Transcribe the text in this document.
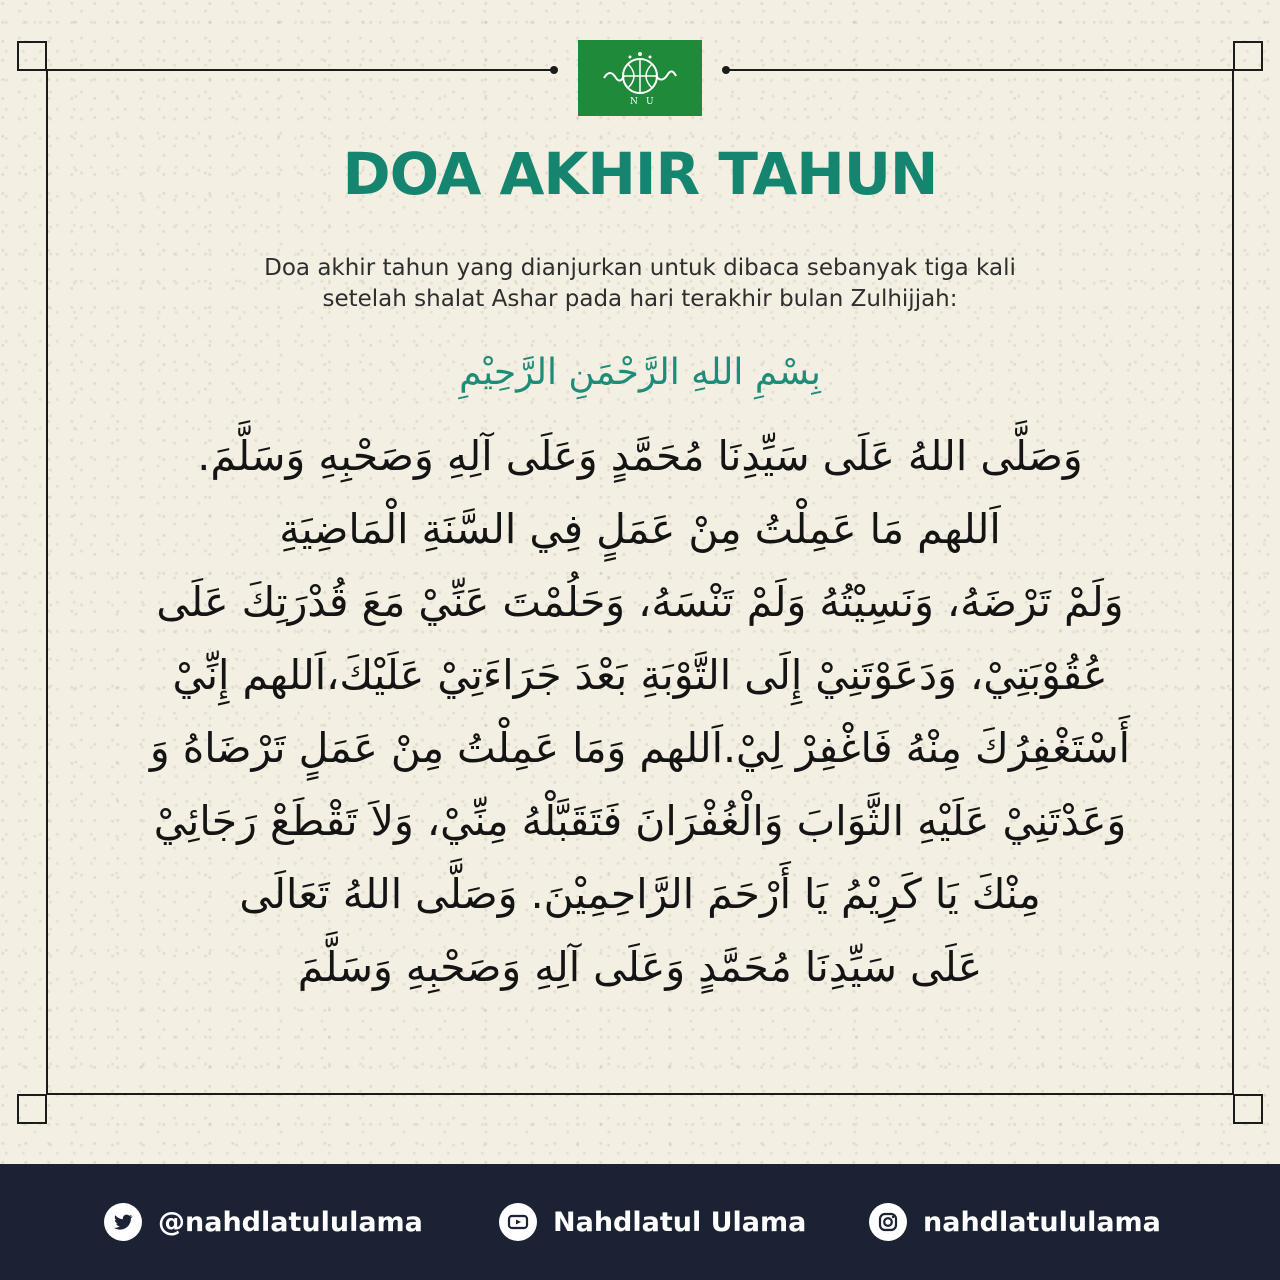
N U
DOA AKHIR TAHUN
Doa akhir tahun yang dianjurkan untuk dibaca sebanyak tiga kali
setelah shalat Ashar pada hari terakhir bulan Zulhijjah:
بِسْمِ اللهِ الرَّحْمَنِ الرَّحِيْمِ
وَصَلَّى اللهُ عَلَى سَيِّدِنَا مُحَمَّدٍ وَعَلَى آلِهِ وَصَحْبِهِ وَسَلَّمَ.
اَللهم مَا عَمِلْتُ مِنْ عَمَلٍ فِي السَّنَةِ الْمَاضِيَةِ
وَلَمْ تَرْضَهُ، وَنَسِيْتُهُ وَلَمْ تَنْسَهُ، وَحَلُمْتَ عَنِّيْ مَعَ قُدْرَتِكَ عَلَى
عُقُوْبَتِيْ، وَدَعَوْتَنِيْ إِلَى التَّوْبَةِ بَعْدَ جَرَاءَتِيْ عَلَيْكَ،اَللهم إِنِّيْ
أَسْتَغْفِرُكَ مِنْهُ فَاغْفِرْ لِيْ.اَللهم وَمَا عَمِلْتُ مِنْ عَمَلٍ تَرْضَاهُ وَ
وَعَدْتَنِيْ عَلَيْهِ الثَّوَابَ وَالْغُفْرَانَ فَتَقَبَّلْهُ مِنِّيْ، وَلاَ تَقْطَعْ رَجَائِيْ
مِنْكَ يَا كَرِيْمُ يَا أَرْحَمَ الرَّاحِمِيْنَ. وَصَلَّى اللهُ تَعَالَى
عَلَى سَيِّدِنَا مُحَمَّدٍ وَعَلَى آلِهِ وَصَحْبِهِ وَسَلَّمَ
@nahdlatululama	Nahdlatul Ulama	nahdlatululama
